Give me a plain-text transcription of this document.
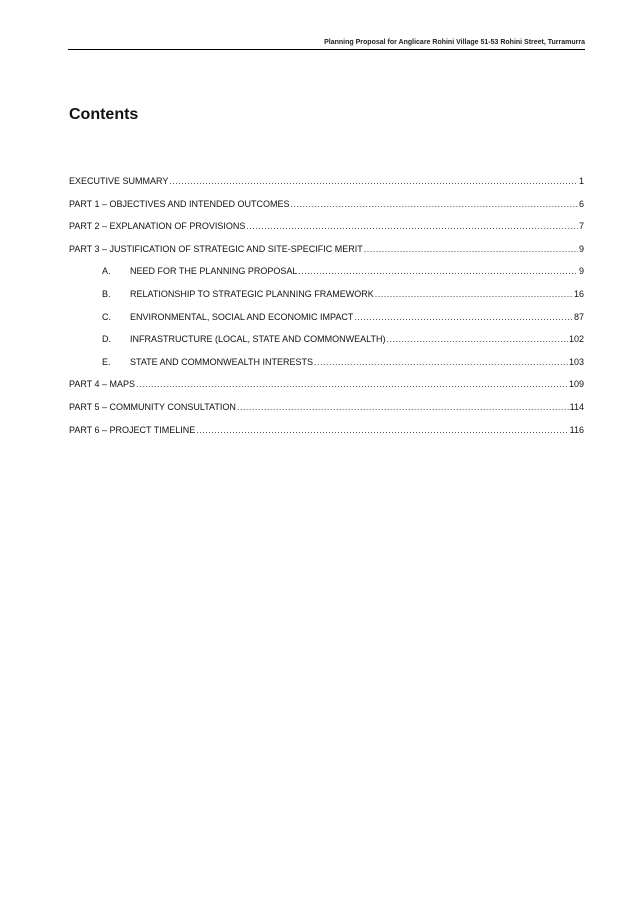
Planning Proposal for Anglicare Rohini Village 51-53 Rohini Street, Turramurra
Contents
EXECUTIVE SUMMARY .....	1
PART 1 – OBJECTIVES AND INTENDED OUTCOMES .....	6
PART 2 – EXPLANATION OF PROVISIONS .....	7
PART 3 – JUSTIFICATION OF STRATEGIC AND SITE-SPECIFIC MERIT .....	9
A.	NEED FOR THE PLANNING PROPOSAL .....	9
B.	RELATIONSHIP TO STRATEGIC PLANNING FRAMEWORK .....	16
C.	ENVIRONMENTAL, SOCIAL AND ECONOMIC IMPACT .....	87
D.	INFRASTRUCTURE (LOCAL, STATE AND COMMONWEALTH) .....	102
E.	STATE AND COMMONWEALTH INTERESTS .....	103
PART 4 – MAPS .....	109
PART 5 – COMMUNITY CONSULTATION .....	114
PART 6 – PROJECT TIMELINE .....	116
